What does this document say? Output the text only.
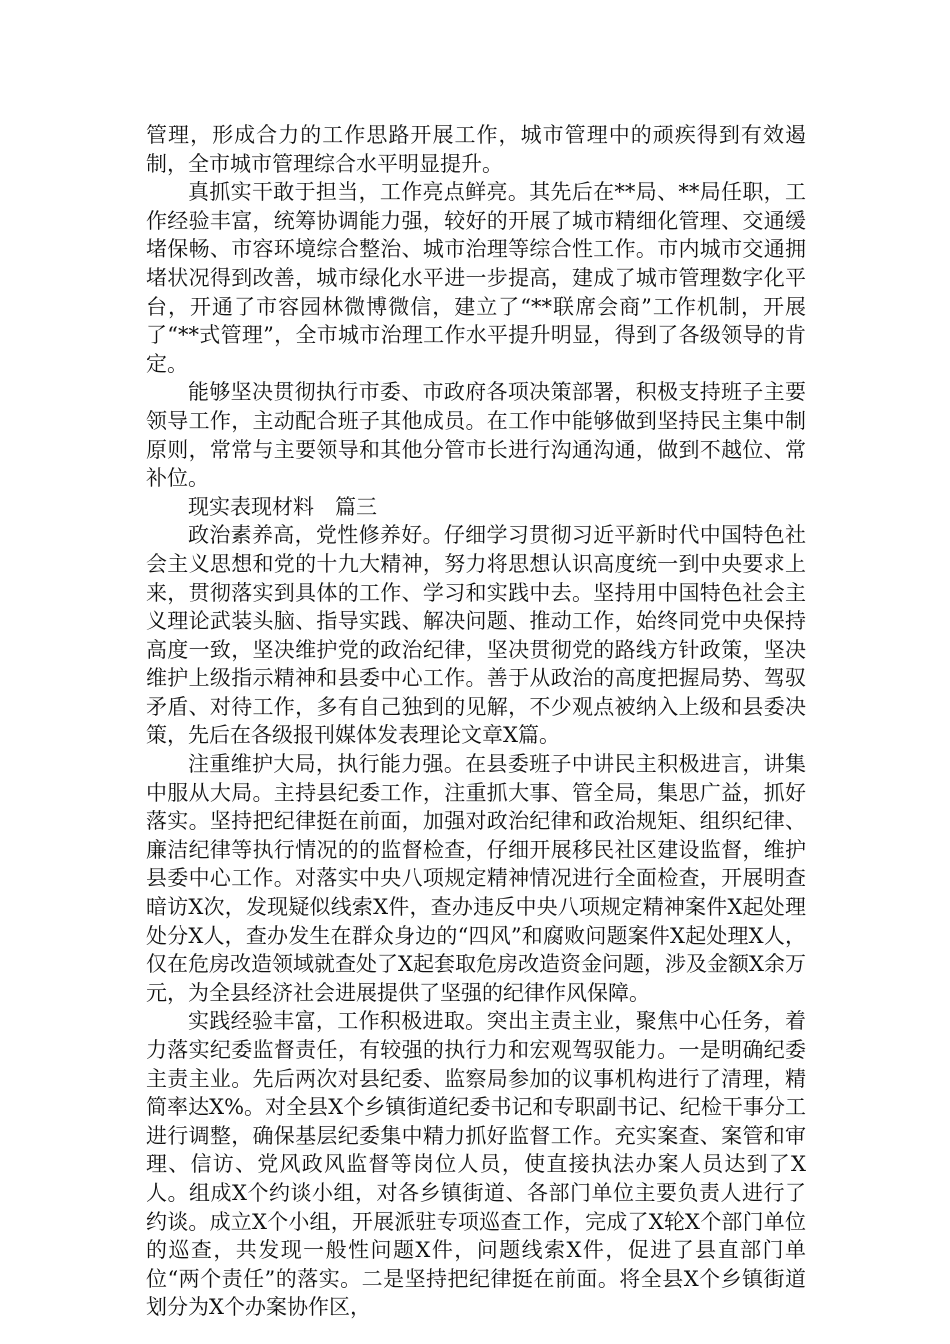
管理，形成合力的工作思路开展工作，城市管理中的顽疾得到有效遏制，全市城市管理综合水平明显提升。

真抓实干敢于担当，工作亮点鲜亮。其先后在**局、**局任职，工作经验丰富，统筹协调能力强，较好的开展了城市精细化管理、交通缓堵保畅、市容环境综合整治、城市治理等综合性工作。市内城市交通拥堵状况得到改善，城市绿化水平进一步提高，建成了城市管理数字化平台，开通了市容园林微博微信，建立了“**联席会商”工作机制，开展了“**式管理”，全市城市治理工作水平提升明显，得到了各级领导的肯定。

能够坚决贯彻执行市委、市政府各项决策部署，积极支持班子主要领导工作，主动配合班子其他成员。在工作中能够做到坚持民主集中制原则，常常与主要领导和其他分管市长进行沟通沟通，做到不越位、常补位。

现实表现材料　篇三

政治素养高，党性修养好。仔细学习贯彻习近平新时代中国特色社会主义思想和党的十九大精神，努力将思想认识高度统一到中央要求上来，贯彻落实到具体的工作、学习和实践中去。坚持用中国特色社会主义理论武装头脑、指导实践、解决问题、推动工作，始终同党中央保持高度一致，坚决维护党的政治纪律，坚决贯彻党的路线方针政策，坚决维护上级指示精神和县委中心工作。善于从政治的高度把握局势、驾驭矛盾、对待工作，多有自己独到的见解，不少观点被纳入上级和县委决策，先后在各级报刊媒体发表理论文章X篇。

注重维护大局，执行能力强。在县委班子中讲民主积极进言，讲集中服从大局。主持县纪委工作，注重抓大事、管全局，集思广益，抓好落实。坚持把纪律挺在前面，加强对政治纪律和政治规矩、组织纪律、廉洁纪律等执行情况的的监督检查，仔细开展移民社区建设监督，维护县委中心工作。对落实中央八项规定精神情况进行全面检查，开展明查暗访X次，发现疑似线索X件，查办违反中央八项规定精神案件X起处理处分X人，查办发生在群众身边的“四风”和腐败问题案件X起处理X人，仅在危房改造领域就查处了X起套取危房改造资金问题，涉及金额X余万元，为全县经济社会进展提供了坚强的纪律作风保障。

实践经验丰富，工作积极进取。突出主责主业，聚焦中心任务，着力落实纪委监督责任，有较强的执行力和宏观驾驭能力。一是明确纪委主责主业。先后两次对县纪委、监察局参加的议事机构进行了清理，精简率达X%。对全县X个乡镇街道纪委书记和专职副书记、纪检干事分工进行调整，确保基层纪委集中精力抓好监督工作。充实案查、案管和审理、信访、党风政风监督等岗位人员，使直接执法办案人员达到了X人。组成X个约谈小组，对各乡镇街道、各部门单位主要负责人进行了约谈。成立X个小组，开展派驻专项巡查工作，完成了X轮X个部门单位的巡查，共发现一般性问题X件，问题线索X件，促进了县直部门单位“两个责任”的落实。二是坚持把纪律挺在前面。将全县X个乡镇街道划分为X个办案协作区，
